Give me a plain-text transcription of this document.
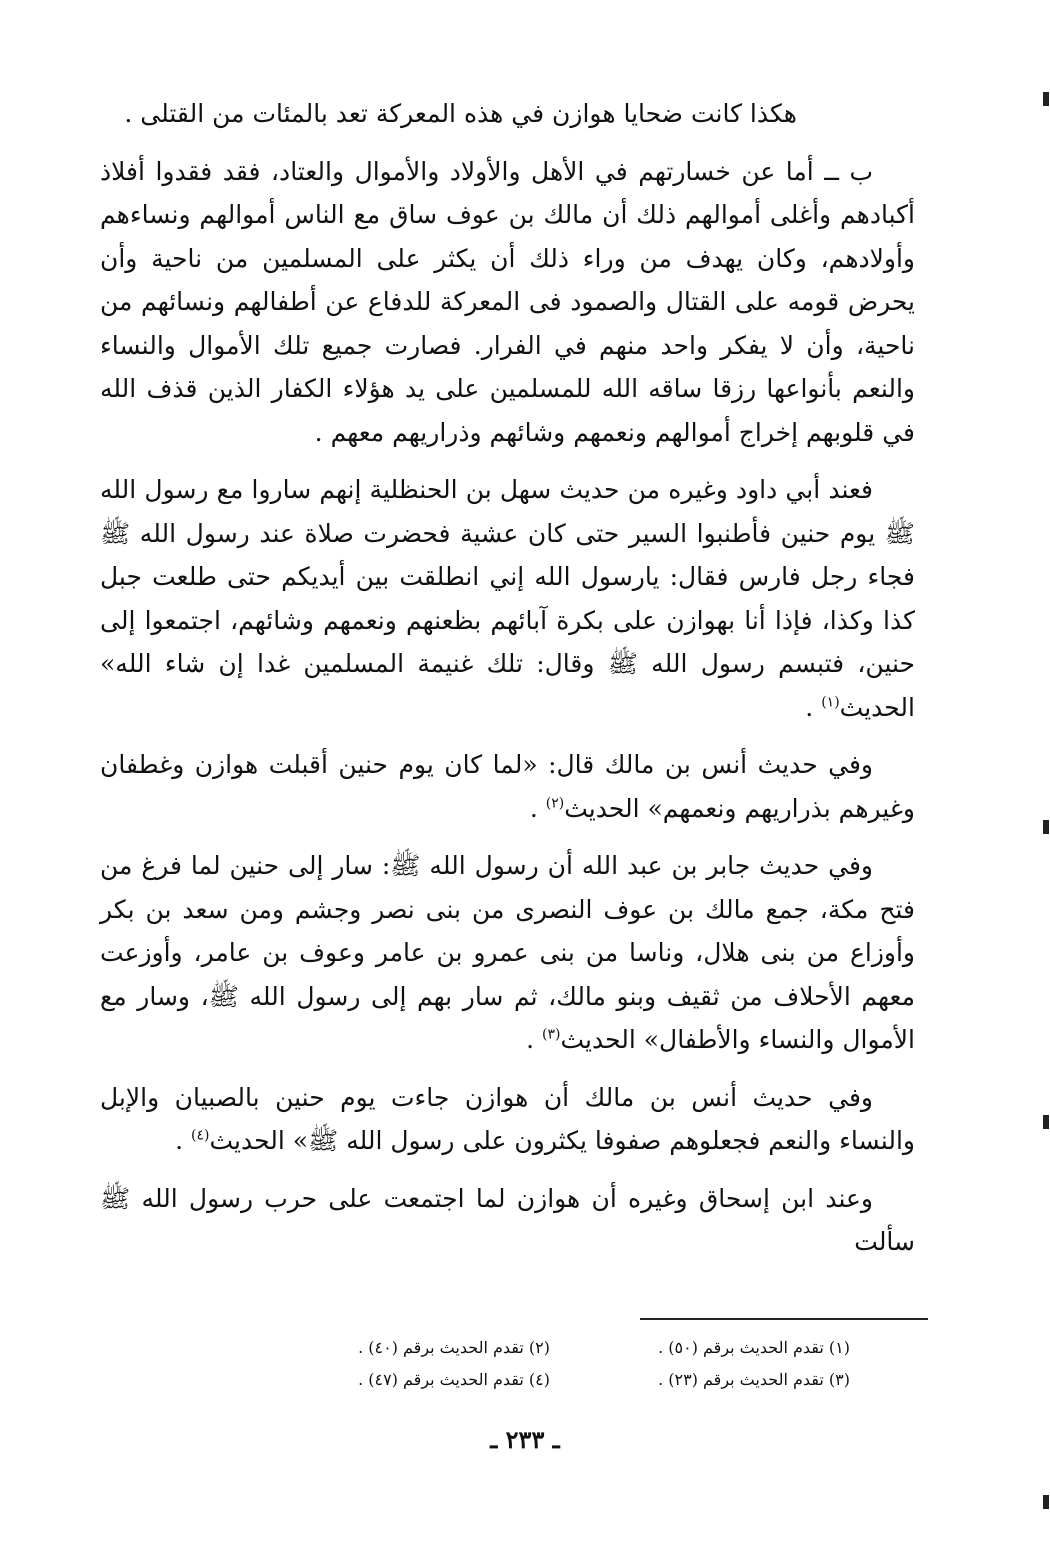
هكذا كانت ضحايا هوازن في هذه المعركة تعد بالمئات من القتلى .

ب ــ أما عن خسارتهم في الأهل والأولاد والأموال والعتاد، فقد فقدوا أفلاذ أكبادهم وأغلى أموالهم ذلك أن مالك بن عوف ساق مع الناس أموالهم ونساءهم وأولادهم، وكان يهدف من وراء ذلك أن يكثر على المسلمين من ناحية وأن يحرض قومه على القتال والصمود فى المعركة للدفاع عن أطفالهم ونسائهم من ناحية، وأن لا يفكر واحد منهم في الفرار. فصارت جميع تلك الأموال والنساء والنعم بأنواعها رزقا ساقه الله للمسلمين على يد هؤلاء الكفار الذين قذف الله في قلوبهم إخراج أموالهم ونعمهم وشائهم وذراريهم معهم .

فعند أبي داود وغيره من حديث سهل بن الحنظلية إنهم ساروا مع رسول الله ﷺ يوم حنين فأطنبوا السير حتى كان عشية فحضرت صلاة عند رسول الله ﷺ فجاء رجل فارس فقال: يارسول الله إني انطلقت بين أيديكم حتى طلعت جبل كذا وكذا، فإذا أنا بهوازن على بكرة آبائهم بظعنهم ونعمهم وشائهم، اجتمعوا إلى حنين، فتبسم رسول الله ﷺ وقال: تلك غنيمة المسلمين غدا إن شاء الله» الحديث$^{(١)}$ .

وفي حديث أنس بن مالك قال: «لما كان يوم حنين أقبلت هوازن وغطفان وغيرهم بذراريهم ونعمهم» الحديث$^{(٢)}$ .

وفي حديث جابر بن عبد الله أن رسول الله ﷺ: سار إلى حنين لما فرغ من فتح مكة، جمع مالك بن عوف النصرى من بنى نصر وجشم ومن سعد بن بكر وأوزاع من بنى هلال، وناسا من بنى عمرو بن عامر وعوف بن عامر، وأوزعت معهم الأحلاف من ثقيف وبنو مالك، ثم سار بهم إلى رسول الله ﷺ، وسار مع الأموال والنساء والأطفال» الحديث$^{(٣)}$ .

وفي حديث أنس بن مالك أن هوازن جاءت يوم حنين بالصبيان والإبل والنساء والنعم فجعلوهم صفوفا يكثرون على رسول الله ﷺ» الحديث$^{(٤)}$ .

وعند ابن إسحاق وغيره أن هوازن لما اجتمعت على حرب رسول الله ﷺ سألت

(١) تقدم الحديث برقم (٥٠) .
(٢) تقدم الحديث برقم (٤٠) .
(٣) تقدم الحديث برقم (٢٣) .
(٤) تقدم الحديث برقم (٤٧) .
ـ ٢٣٣ ـ
